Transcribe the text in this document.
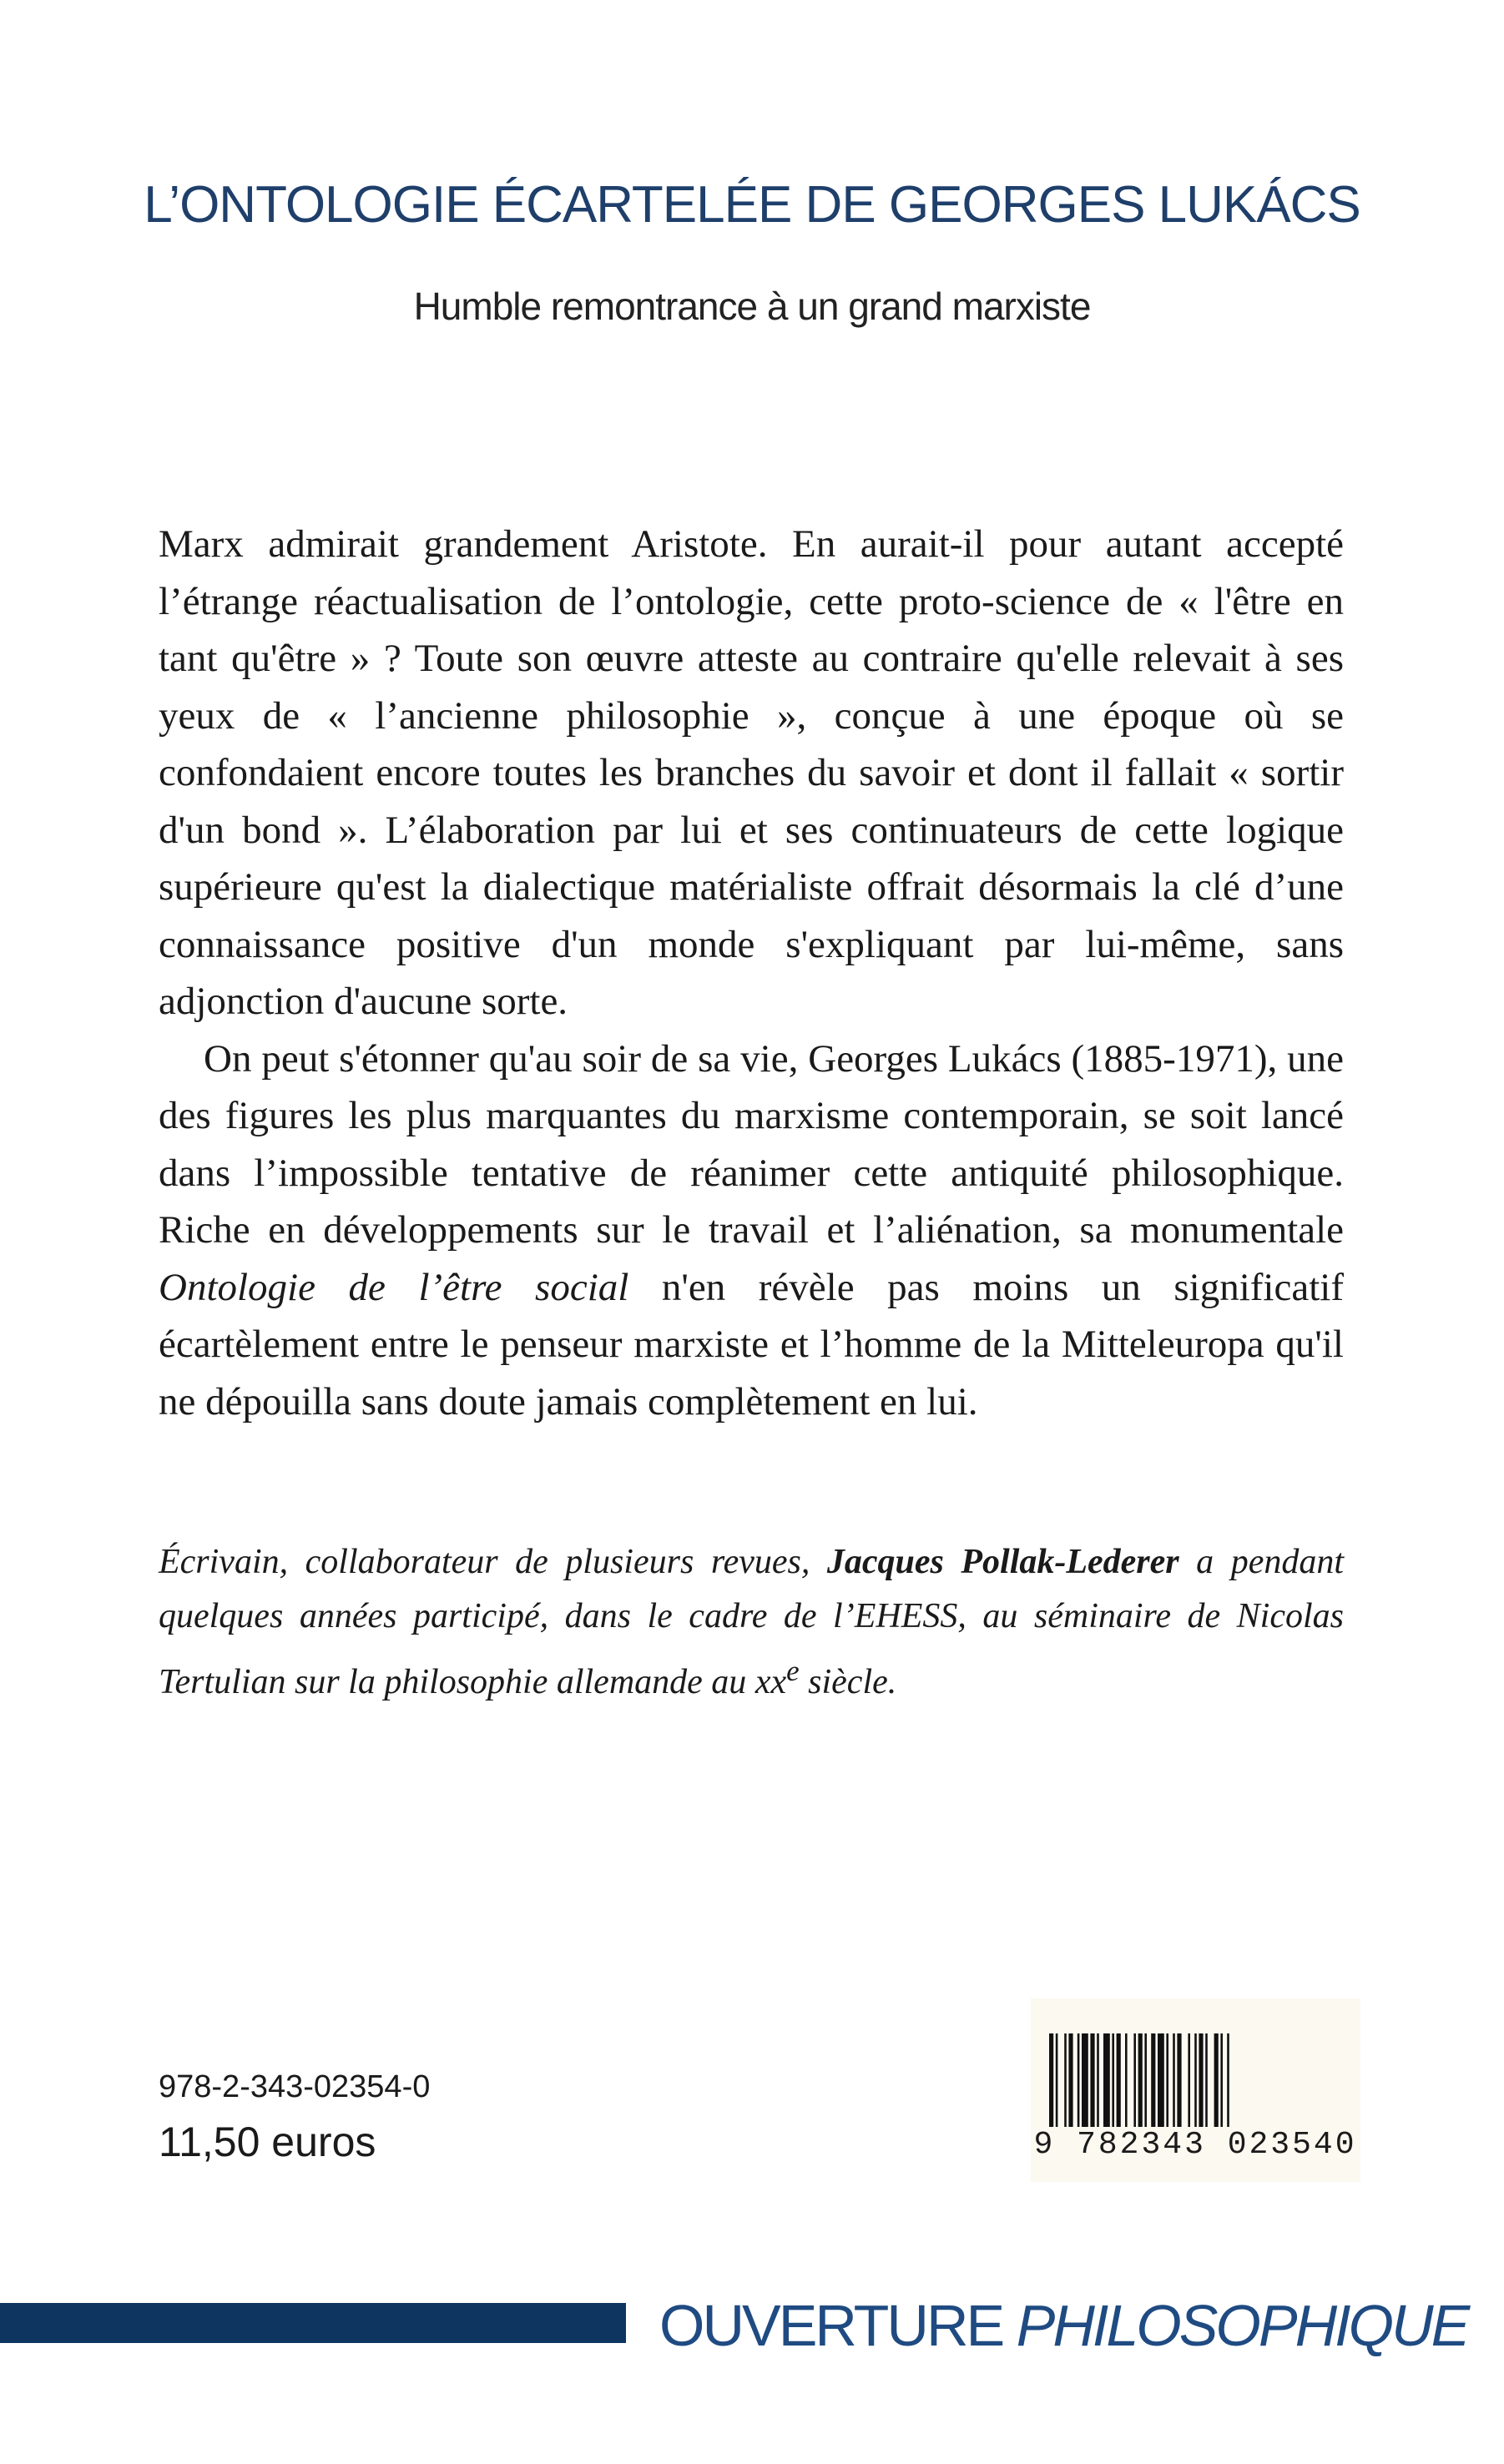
L’ONTOLOGIE ÉCARTELÉE DE GEORGES LUKÁCS
Humble remontrance à un grand marxiste

Marx admirait grandement Aristote. En aurait-il pour autant accepté l’étrange réactualisation de l’ontologie, cette proto-science de « l'être en tant qu'être » ? Toute son œuvre atteste au contraire qu'elle relevait à ses yeux de « l’ancienne philosophie », conçue à une époque où se confondaient encore toutes les branches du savoir et dont il fallait « sortir d'un bond ». L’élaboration par lui et ses continuateurs de cette logique supérieure qu'est la dialectique matérialiste offrait désormais la clé d’une connaissance positive d'un monde s'expliquant par lui-même, sans adjonction d'aucune sorte.

On peut s'étonner qu'au soir de sa vie, Georges Lukács (1885-1971), une des figures les plus marquantes du marxisme contemporain, se soit lancé dans l’impossible tentative de réanimer cette antiquité philosophique. Riche en développements sur le travail et l’aliénation, sa monumentale Ontologie de l’être social n'en révèle pas moins un significatif écartèlement entre le penseur marxiste et l’homme de la Mitteleuropa qu'il ne dépouilla sans doute jamais complètement en lui.

Écrivain, collaborateur de plusieurs revues, Jacques Pollak-Lederer a pendant quelques années participé, dans le cadre de l’EHESS, au séminaire de Nicolas Tertulian sur la philosophie allemande au $xx^e$ siècle.
978-2-343-02354-0
11,50 euros	9 782343 023540
OUVERTURE PHILOSOPHIQUE
